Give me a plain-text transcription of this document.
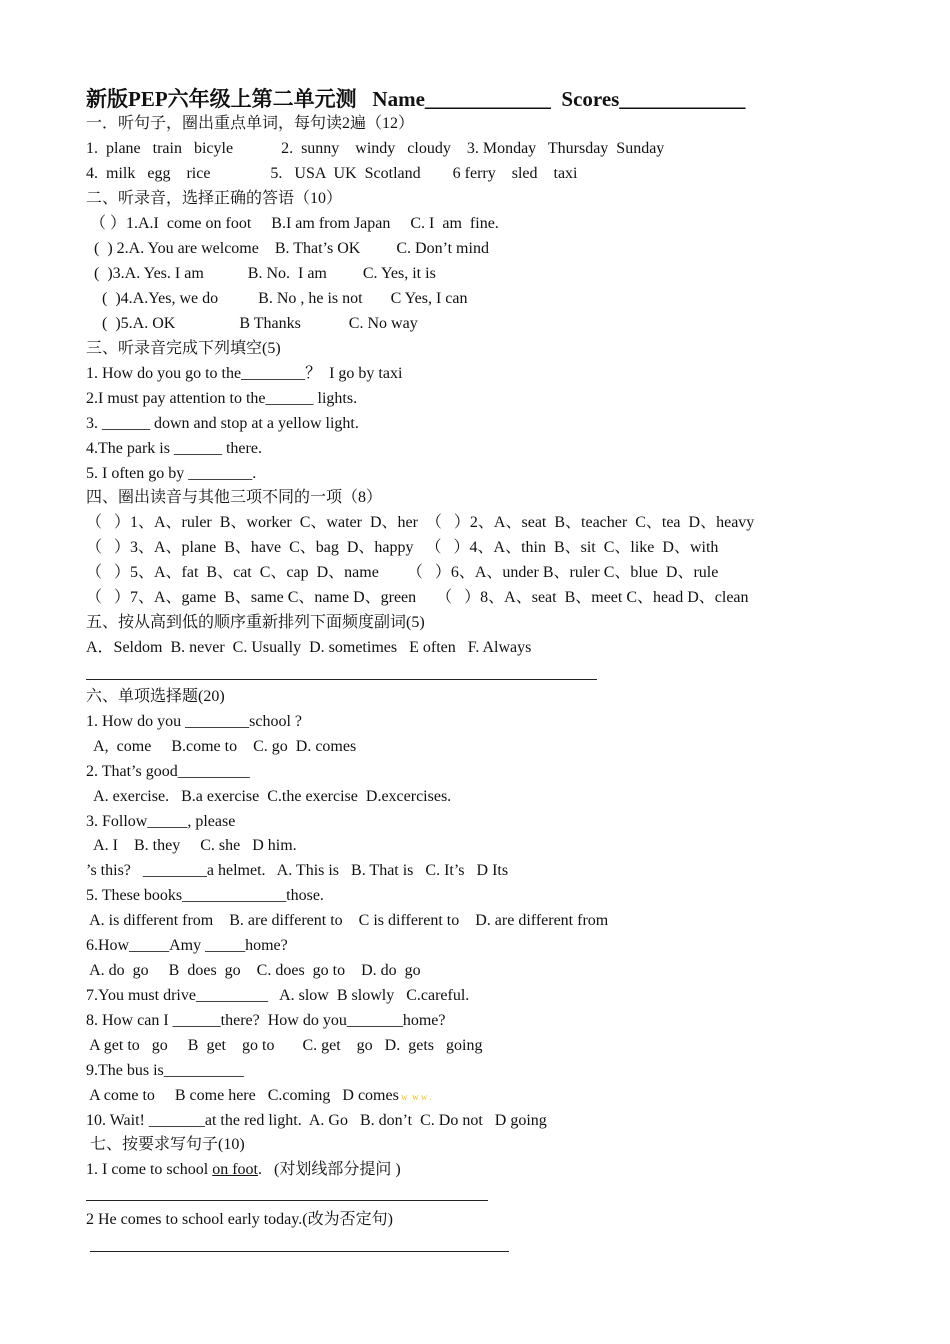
新版PEP六年级上第二单元测   Name____________  Scores____________
一．听句子，圈出重点单词，每句读2遍（12）
1.  plane   train   bicyle            2.  sunny    windy   cloudy    3. Monday   Thursday  Sunday
4.  milk   egg    rice               5.   USA  UK  Scotland        6 ferry    sled    taxi
二、听录音，选择正确的答语（10）
（ ）1.A.I  come on foot     B.I am from Japan     C. I  am  fine.
(  ) 2.A. You are welcome    B. That’s OK         C. Don’t mind
(  )3.A. Yes. I am           B. No.  I am         C. Yes, it is
(  )4.A.Yes, we do          B. No , he is not       C Yes, I can
(  )5.A. OK                B Thanks            C. No way
三、听录音完成下列填空(5)
1. How do you go to the________？  I go by taxi
2.I must pay attention to the______ lights.
3. ______ down and stop at a yellow light.
4.The park is ______ there.
5. I often go by ________.
四、圈出读音与其他三项不同的一项（8）
（   ）1、A、ruler  B、worker  C、water  D、her  （   ）2、A、seat  B、teacher  C、tea  D、heavy
（   ）3、A、plane  B、have  C、bag  D、happy   （   ）4、A、thin  B、sit  C、like  D、with
（   ）5、A、fat  B、cat  C、cap  D、name       （   ）6、A、under B、ruler C、blue  D、rule
（   ）7、A、game  B、same C、name D、green     （   ）8、A、seat  B、meet C、head D、clean
五、按从高到低的顺序重新排列下面频度副词(5)
A．Seldom  B. never  C. Usually  D. sometimes   E often   F. Always
六、单项选择题(20)
1. How do you ________school ?
A,  come     B.come to    C. go  D. comes
2. That’s good_________
A. exercise.   B.a exercise  C.the exercise  D.excercises.
3. Follow_____, please
A. I    B. they     C. she   D him.
’s this?   ________a helmet.   A. This is   B. That is   C. It’s   D Its
5. These books_____________those.
A. is different from    B. are different to    C is different to    D. are different from
6.How_____Amy _____home?
A. do  go     B  does  go    C. does  go to    D. do  go
7.You must drive_________   A. slow  B slowly   C.careful.
8. How can I ______there?  How do you_______home?
A get to   go     B  get    go to       C. get    go   D.  gets   going
9.The bus is__________
A come to     B come here   C.coming   D comes w  w w .
10. Wait! _______at the red light.  A. Go   B. don’t  C. Do not   D going
七、按要求写句子(10)
1. I come to school on foot.   (对划线部分提问 )
2 He comes to school early today.(改为否定句)
